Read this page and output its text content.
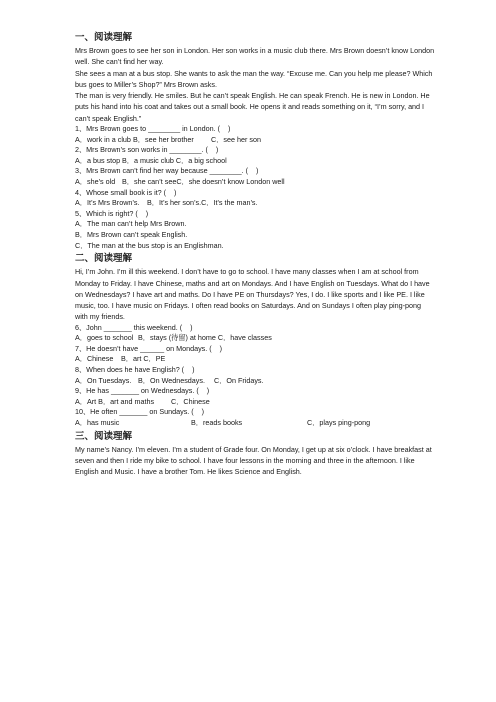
一、阅读理解

Mrs Brown goes to see her son in London. Her son works in a music club there. Mrs Brown doesn’t know London well. She can’t find her way.

She sees a man at a bus stop. She wants to ask the man the way. “Excuse me. Can you help me please? Which bus goes to Miller’s Shop?” Mrs Brown asks.

The man is very friendly. He smiles. But he can’t speak English. He can speak French. He is new in London. He puts his hand into his coat and takes out a small book. He opens it and reads something on it, “I’m sorry, and I can’t speak English.”

1、Mrs Brown goes to ________ in London. (    )

A．work in a club B．see her brother	C．see her son

2、Mrs Brown’s son works in ________. (    )

A．a bus stop B．a music club C．a big school

3、Mrs Brown can’t find her way because ________. (    )

A．she’s old B．she can’t seeC．she doesn’t know London well

4、Whose small book is it? (    )

A．It’s Mrs Brown’s.	B．It’s her son’s.C．It’s the man’s.

5、Which is right? (    )

A．The man can’t help Mrs Brown.

B．Mrs Brown can’t speak English.

C．The man at the bus stop is an Englishman.

二、阅读理解

Hi, I’m John. I’m ill this weekend. I don’t have to go to school. I have many classes when I am at school from Monday to Friday. I have Chinese, maths and art on Mondays. And I have English on Tuesdays. What do I have on Wednesdays? I have art and maths. Do I have PE on Thursdays? Yes, I do. I like sports and I like PE. I like music, too. I have music on Fridays. I often read books on Saturdays. And on Sundays I often play ping-pong with my friends.

6、John _______ this weekend. (    )

A．goes to school B．stays (待留) at home C．have classes

7、He doesn’t have ______ on Mondays. (    )

A．Chinese	B．art C．PE

8、When does he have English? (    )

A．On Tuesdays. B．On Wednesdays.	C．On Fridays.

9、He has _______ on Wednesdays. (    )

A．Art B．art and maths	C．Chinese

10、He often _______ on Sundays. (    )

A．has music	B．reads books	C．plays ping-pong

三、阅读理解

My name’s Nancy. I’m eleven. I’m a student of Grade four. On Monday, I get up at six o’clock. I have breakfast at seven and then I ride my bike to school. I have four lessons in the morning and three in the afternoon. I like English and Music. I have a brother Tom. He likes Science and English.
